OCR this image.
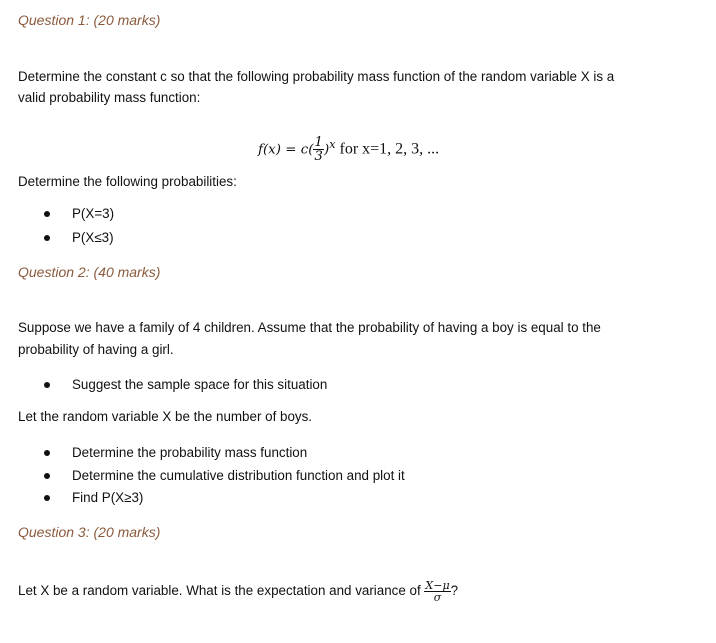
Question 1: (20 marks)
Determine the constant c so that the following probability mass function of the random variable X is a
valid probability mass function:
$f(x) = c( \frac{1}{3} )^x$ for x=1, 2, 3, ...
Determine the following probabilities:
P(X=3)
P(X≤3)
Question 2: (40 marks)
Suppose we have a family of 4 children. Assume that the probability of having a boy is equal to the
probability of having a girl.
Suggest the sample space for this situation
Let the random variable X be the number of boys.
Determine the probability mass function
Determine the cumulative distribution function and plot it
Find P(X≥3)
Question 3: (20 marks)
Let X be a random variable. What is the expectation and variance of $\frac{X-\mu}{\sigma}$ ?
